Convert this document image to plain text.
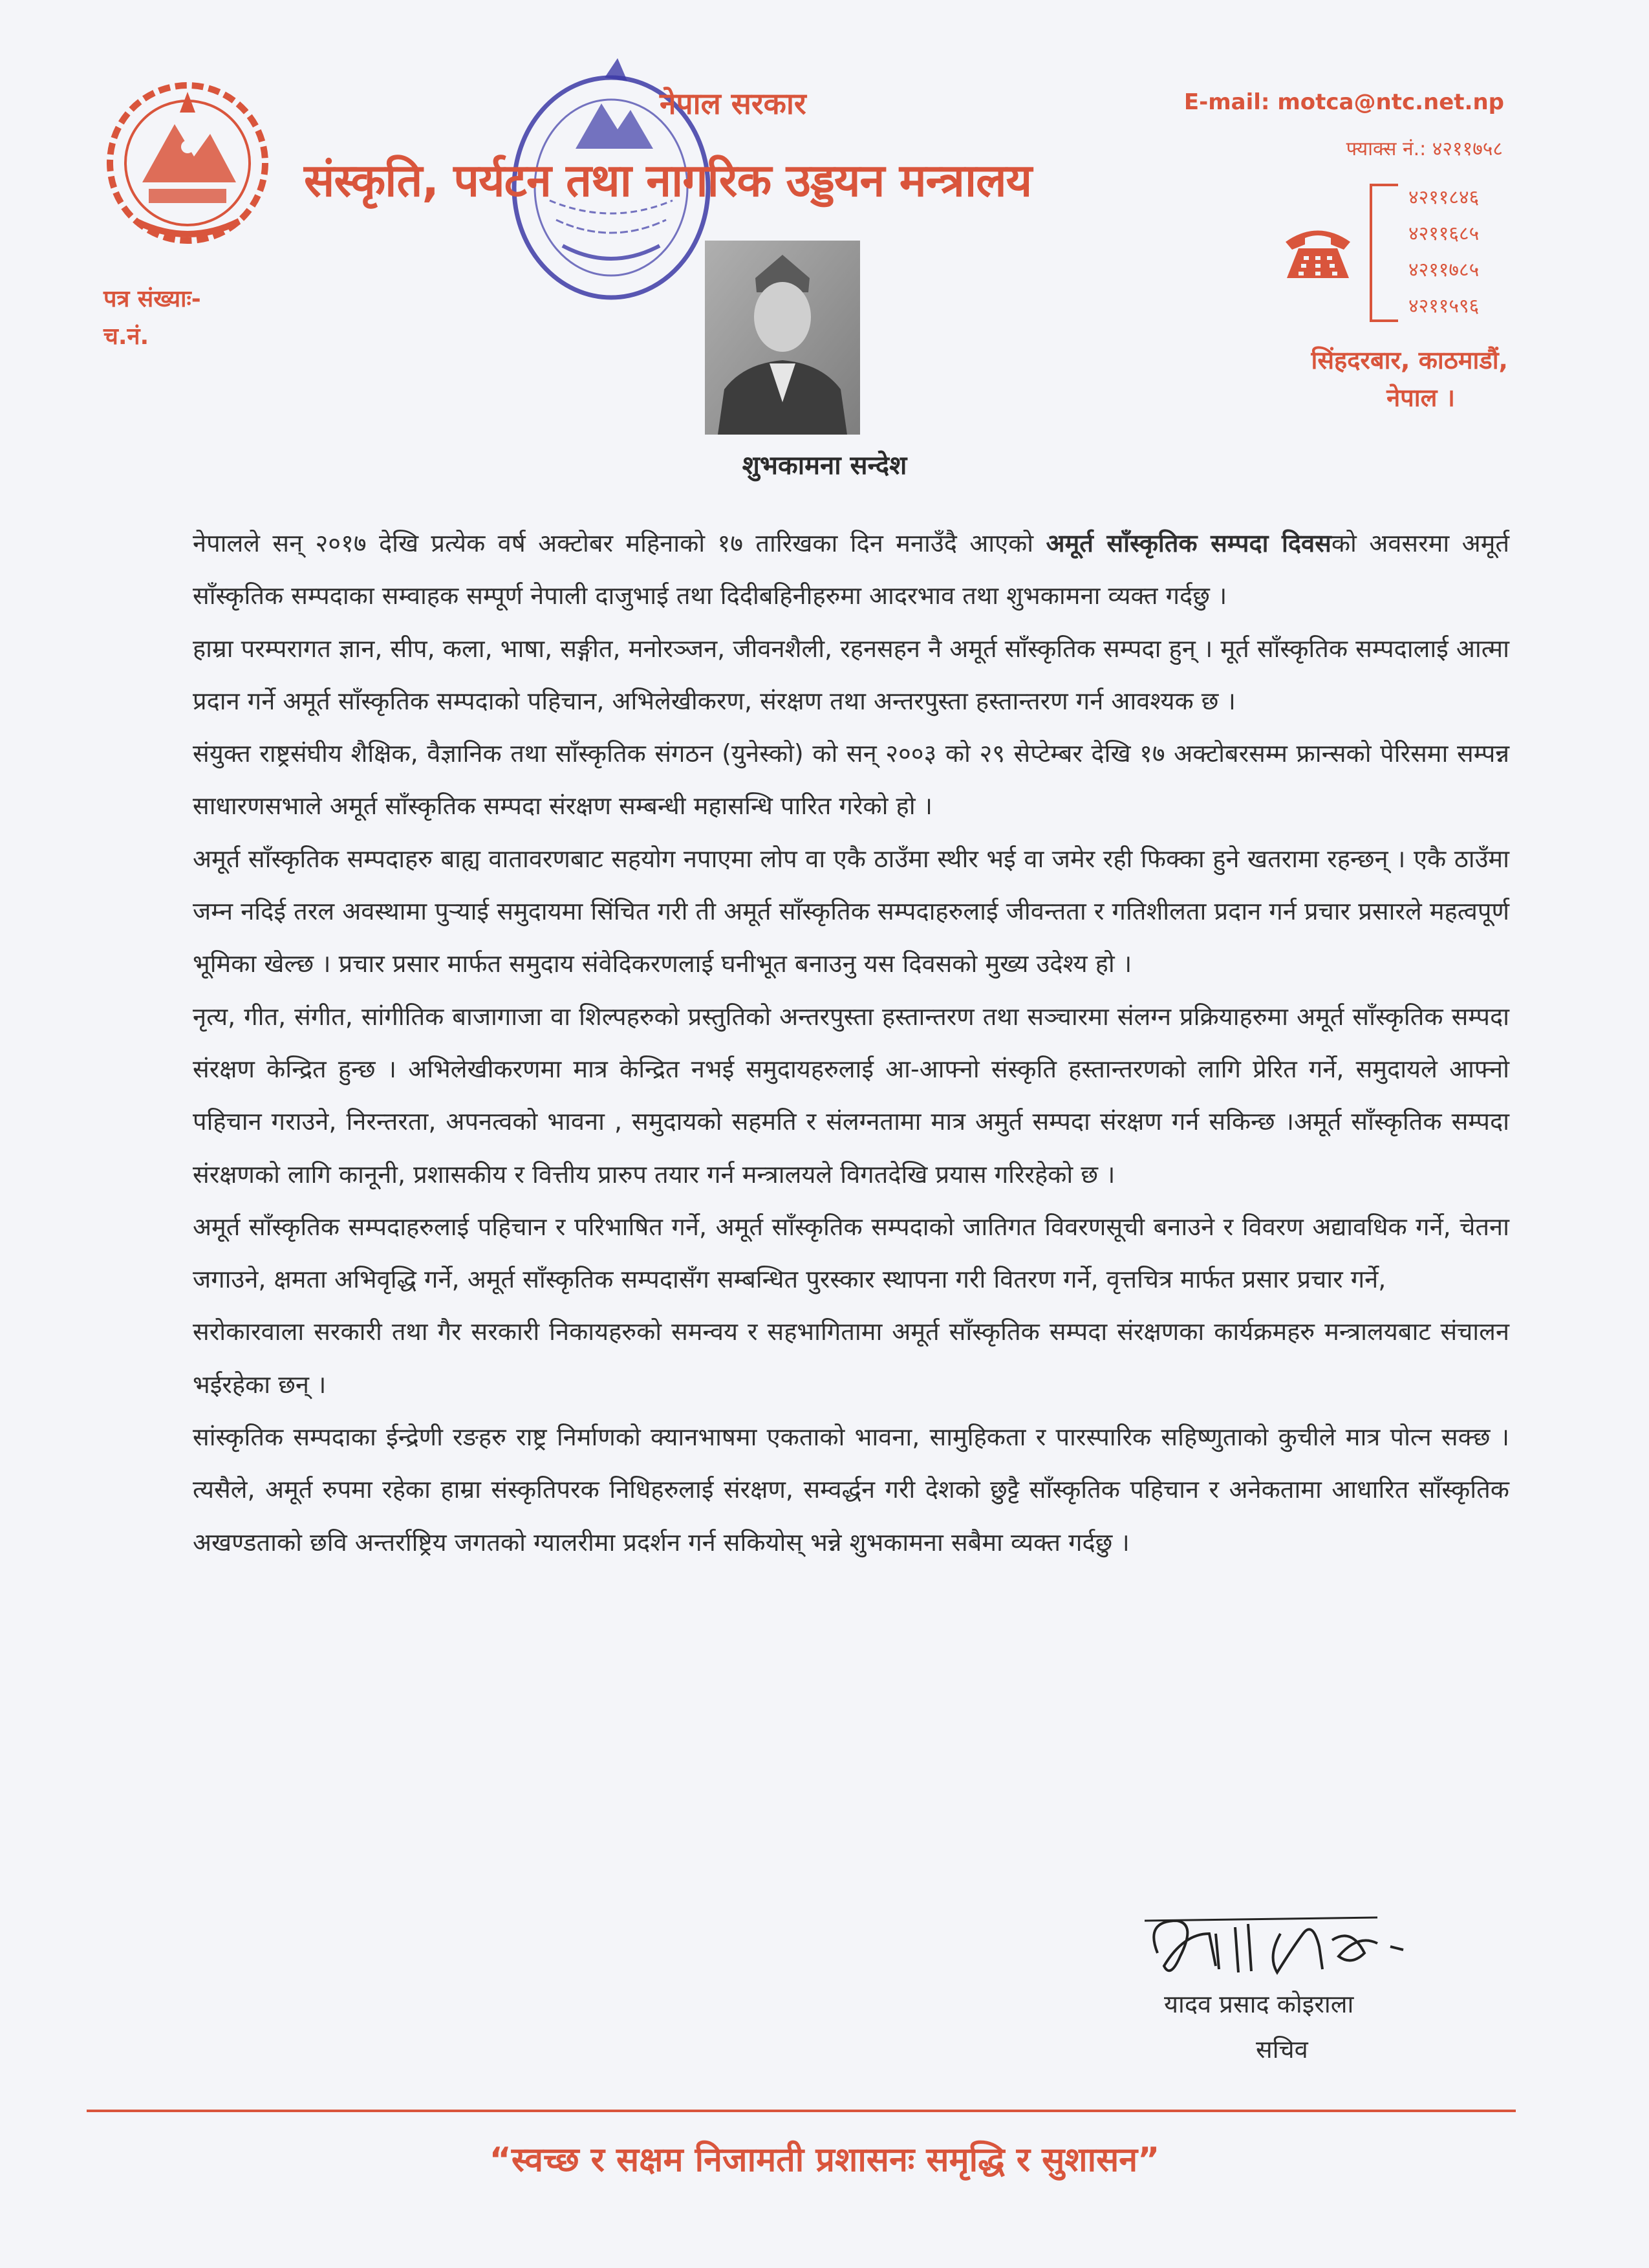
नेपाल सरकार
संस्कृति, पर्यटन तथा नागरिक उड्डयन मन्त्रालय
E-mail: motca@ntc.net.np
फ्याक्स नं.: ४२११७५८
४२११८४६
४२११६८५
४२११७८५
४२११५९६
सिंहदरबार, काठमाडौं,
नेपाल ।
पत्र संख्याः-
च.नं.
शुभकामना सन्देश

नेपालले सन् २०१७ देखि प्रत्येक वर्ष अक्टोबर महिनाको १७ तारिखका दिन मनाउँदै आएको अमूर्त साँस्कृतिक सम्पदा दिवसको अवसरमा अमूर्त साँस्कृतिक सम्पदाका सम्वाहक सम्पूर्ण नेपाली दाजुभाई तथा दिदीबहिनीहरुमा आदरभाव तथा शुभकामना व्यक्त गर्दछु ।

हाम्रा परम्परागत ज्ञान, सीप, कला, भाषा, सङ्गीत, मनोरञ्जन, जीवनशैली, रहनसहन नै अमूर्त साँस्कृतिक सम्पदा हुन् । मूर्त साँस्कृतिक सम्पदालाई आत्मा प्रदान गर्ने अमूर्त साँस्कृतिक सम्पदाको पहिचान, अभिलेखीकरण, संरक्षण तथा अन्तरपुस्ता हस्तान्तरण गर्न आवश्यक छ ।

संयुक्त राष्ट्रसंघीय शैक्षिक, वैज्ञानिक तथा साँस्कृतिक संगठन (युनेस्को) को सन् २००३ को २९ सेप्टेम्बर देखि १७ अक्टोबरसम्म फ्रान्सको पेरिसमा सम्पन्न साधारणसभाले अमूर्त साँस्कृतिक सम्पदा संरक्षण सम्बन्धी महासन्धि पारित गरेको हो ।

अमूर्त साँस्कृतिक सम्पदाहरु बाह्य वातावरणबाट सहयोग नपाएमा लोप वा एकै ठाउँमा स्थीर भई वा जमेर रही फिक्का हुने खतरामा रहन्छन् । एकै ठाउँमा जम्न नदिई तरल अवस्थामा पुऱ्याई समुदायमा सिंचित गरी ती अमूर्त साँस्कृतिक सम्पदाहरुलाई जीवन्तता र गतिशीलता प्रदान गर्न प्रचार प्रसारले महत्वपूर्ण भूमिका खेल्छ । प्रचार प्रसार मार्फत समुदाय संवेदिकरणलाई घनीभूत बनाउनु यस दिवसको मुख्य उदेश्य हो ।

नृत्य, गीत, संगीत, सांगीतिक बाजागाजा वा शिल्पहरुको प्रस्तुतिको अन्तरपुस्ता हस्तान्तरण तथा सञ्चारमा संलग्न प्रक्रियाहरुमा अमूर्त साँस्कृतिक सम्पदा संरक्षण केन्द्रित हुन्छ । अभिलेखीकरणमा मात्र केन्द्रित नभई समुदायहरुलाई आ-आफ्नो संस्कृति हस्तान्तरणको लागि प्रेरित गर्ने, समुदायले आफ्नो पहिचान गराउने, निरन्तरता, अपनत्वको भावना , समुदायको सहमति र संलग्नतामा मात्र अमुर्त सम्पदा संरक्षण गर्न सकिन्छ ।अमूर्त साँस्कृतिक सम्पदा संरक्षणको लागि कानूनी, प्रशासकीय र वित्तीय प्रारुप तयार गर्न मन्त्रालयले विगतदेखि प्रयास गरिरहेको छ ।

अमूर्त साँस्कृतिक सम्पदाहरुलाई पहिचान र परिभाषित गर्ने, अमूर्त साँस्कृतिक सम्पदाको जातिगत विवरणसूची बनाउने र विवरण अद्यावधिक गर्ने, चेतना जगाउने, क्षमता अभिवृद्धि गर्ने, अमूर्त साँस्कृतिक सम्पदासँग सम्बन्धित पुरस्कार स्थापना गरी वितरण गर्ने, वृत्तचित्र मार्फत प्रसार प्रचार गर्ने,

सरोकारवाला सरकारी तथा गैर सरकारी निकायहरुको समन्वय र सहभागितामा अमूर्त साँस्कृतिक सम्पदा संरक्षणका कार्यक्रमहरु मन्त्रालयबाट संचालन भईरहेका छन् ।

सांस्कृतिक सम्पदाका ईन्द्रेणी रङहरु राष्ट्र निर्माणको क्यानभाषमा एकताको भावना, सामुहिकता र पारस्पारिक सहिष्णुताको कुचीले मात्र पोत्न सक्छ ।त्यसैले, अमूर्त रुपमा रहेका हाम्रा संस्कृतिपरक निधिहरुलाई संरक्षण, सम्वर्द्धन गरी देशको छुट्टै साँस्कृतिक पहिचान र अनेकतामा आधारित साँस्कृतिक अखण्डताको छवि अन्तर्राष्ट्रिय जगतको ग्यालरीमा प्रदर्शन गर्न सकियोस् भन्ने शुभकामना सबैमा व्यक्त गर्दछु ।

यादव प्रसाद कोइराला
सचिव
“स्वच्छ र सक्षम निजामती प्रशासनः समृद्धि र सुशासन”
